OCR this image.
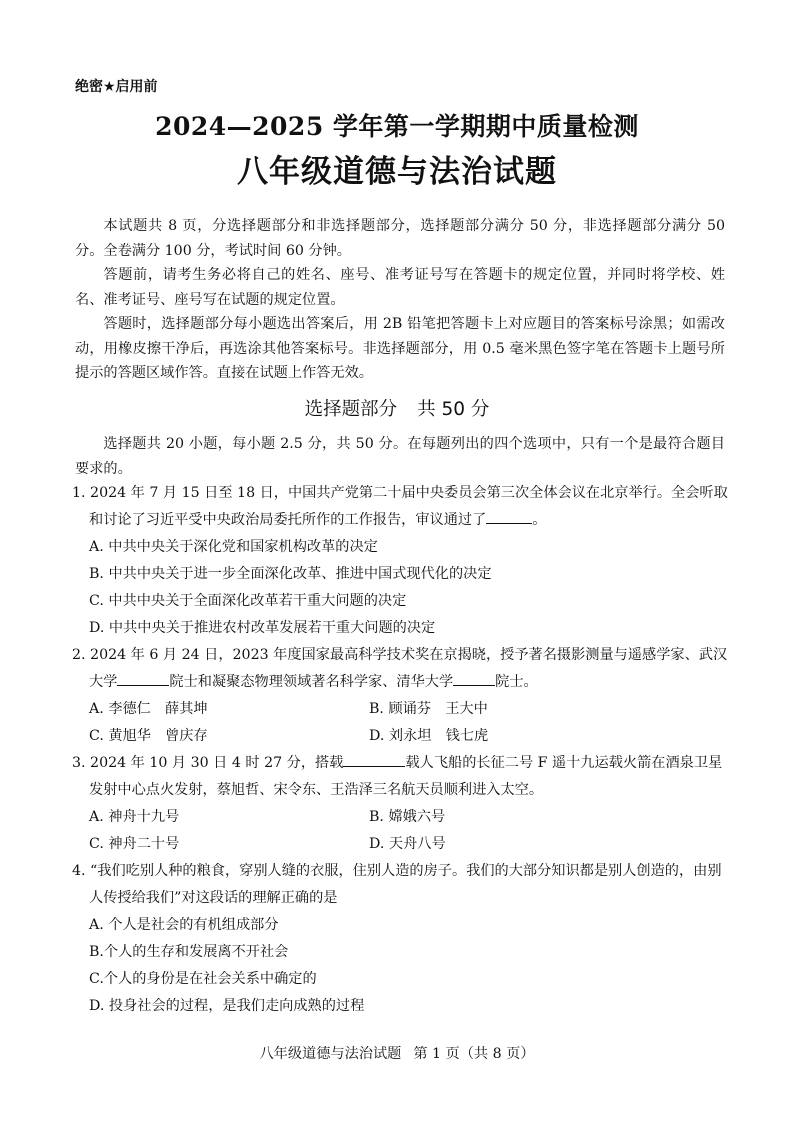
绝密★启用前
2024—2025 学年第一学期期中质量检测
八年级道德与法治试题

本试题共 8 页，分选择题部分和非选择题部分，选择题部分满分 50 分，非选择题部分满分 50 分。全卷满分 100 分，考试时间 60 分钟。

答题前，请考生务必将自己的姓名、座号、准考证号写在答题卡的规定位置，并同时将学校、姓名、准考证号、座号写在试题的规定位置。

答题时，选择题部分每小题选出答案后，用 2B 铅笔把答题卡上对应题目的答案标号涂黑；如需改动，用橡皮擦干净后，再选涂其他答案标号。非选择题部分，用 0.5 毫米黑色签字笔在答题卡上题号所提示的答题区域作答。直接在试题上作答无效。

选择题部分 共 50 分
选择题共 20 小题，每小题 2.5 分，共 50 分。在每题列出的四个选项中，只有一个是最符合题目要求的。
1. 2024 年 7 月 15 日至 18 日，中国共产党第二十届中央委员会第三次全体会议在北京举行。全会听取和讨论了习近平受中央政治局委托所作的工作报告，审议通过了	。
A. 中共中央关于深化党和国家机构改革的决定
B. 中共中央关于进一步全面深化改革、推进中国式现代化的决定
C. 中共中央关于全面深化改革若干重大问题的决定
D. 中共中央关于推进农村改革发展若干重大问题的决定
2. 2024 年 6 月 24 日，2023 年度国家最高科学技术奖在京揭晓，授予著名摄影测量与遥感学家、武汉大学	院士和凝聚态物理领域著名科学家、清华大学	院士。
A. 李德仁　薛其坤	B. 顾诵芬　王大中
C. 黄旭华　曾庆存	D. 刘永坦　钱七虎
3. 2024 年 10 月 30 日 4 时 27 分，搭载	载人飞船的长征二号 F 遥十九运载火箭在酒泉卫星发射中心点火发射，蔡旭哲、宋令东、王浩泽三名航天员顺利进入太空。
A. 神舟十九号	B. 嫦娥六号
C. 神舟二十号	D. 天舟八号
4. “我们吃别人种的粮食，穿别人缝的衣服，住别人造的房子。我们的大部分知识都是别人创造的，由别人传授给我们”对这段话的理解正确的是
A. 个人是社会的有机组成部分
B.个人的生存和发展离不开社会
C.个人的身份是在社会关系中确定的
D. 投身社会的过程，是我们走向成熟的过程
八年级道德与法治试题 第 1 页（共 8 页）
